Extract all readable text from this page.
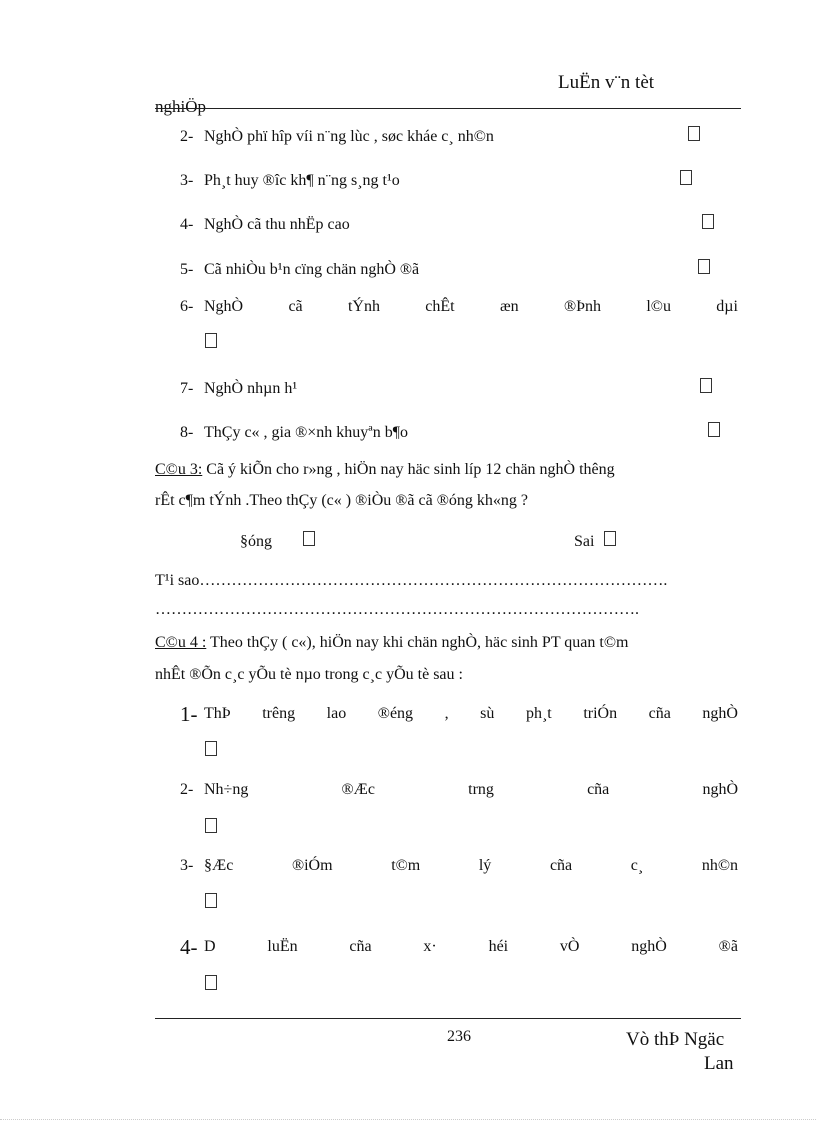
LuËn v¨n tèt
nghiÖp
2- NghÒ phï hîp víi n¨ng lùc , søc kháe c¸ nh©n
3- Ph¸t huy ®îc kh¶ n¨ng s¸ng t¹o
4- NghÒ cã thu nhËp cao
5- Cã nhiÒu b¹n cïng chän nghÒ ®ã
6- NghÒ	cã	tÝnh	chÊt	æn	®Þnh	l©u	dµi
7- NghÒ nhµn h¹
8- ThÇy c« , gia ®×nh khuyªn b¶o
C©u 3: Cã ý kiÕn cho r»ng , hiÖn nay häc sinh líp 12 chän nghÒ thêng
rÊt c¶m tÝnh .Theo thÇy (c« ) ®iÒu ®ã cã ®óng kh«ng ?
§óng	Sai
T¹i sao…………………………………………………………………………….
……………………………………………………………………………….
C©u 4 : Theo thÇy ( c«), hiÖn nay khi chän nghÒ, häc sinh PT quan t©m
nhÊt ®Õn c¸c yÕu tè nµo trong c¸c yÕu tè sau :
1- ThÞ trêng lao ®éng , sù ph¸t triÓn cña nghÒ
2- Nh÷ng	®Æc	trng	cña	nghÒ
3- §Æc	®iÓm	t©m	lý	cña	c¸	nh©n
4- D	luËn	cña	x·	héi	vÒ	nghÒ	®ã
236	Vò thÞ Ngäc
Lan
